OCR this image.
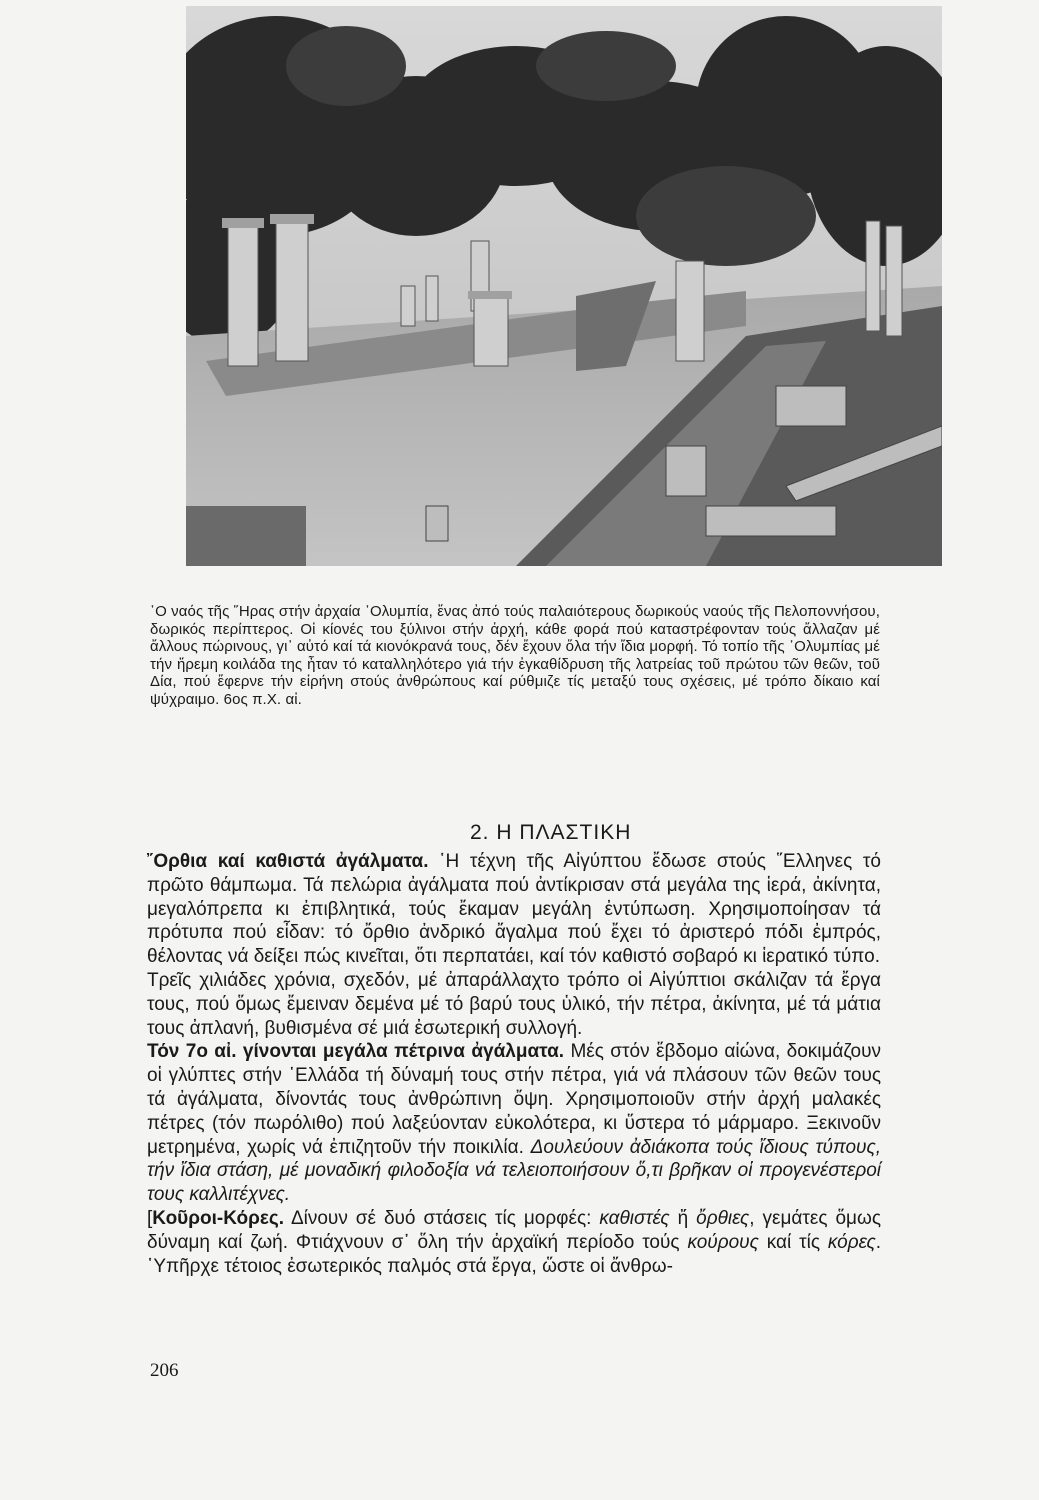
῾Ο ναός τῆς ῞Ηρας στήν ἀρχαία ᾽Ολυμπία, ἕνας ἀπό τούς παλαιότερους δωρικούς ναούς τῆς Πελοποννήσου, δωρικός περίπτερος. Οἱ κίονές του ξύλινοι στήν ἀρχή, κάθε φορά πού καταστρέφονταν τούς ἄλλαζαν μέ ἄλλους πώρινους, γι᾽ αὐτό καί τά κιονόκρανά τους, δέν ἔχουν ὅλα τήν ἴδια μορφή. Τό τοπίο τῆς ᾽Ολυμπίας μέ τήν ἤρεμη κοιλάδα της ἦταν τό καταλληλότερο γιά τήν ἐγκαθίδρυση τῆς λατρείας τοῦ πρώτου τῶν θεῶν, τοῦ Δία, πού ἔφερνε τήν εἰρήνη στούς ἀνθρώπους καί ρύθμιζε τίς μεταξύ τους σχέσεις, μέ τρόπο δίκαιο καί ψύχραιμο. 6ος π.Χ. αἰ.
2. Η ΠΛΑΣΤΙΚΗ

῎Ορθια καί καθιστά ἀγάλματα. ῾Η τέχνη τῆς Αἰγύπτου ἔδωσε στούς ῞Ελληνες τό πρῶτο θάμπωμα. Τά πελώρια ἀγάλματα πού ἀντίκρισαν στά μεγάλα της ἱερά, ἀκίνητα, μεγαλόπρεπα κι ἐπιβλητικά, τούς ἔκαμαν μεγάλη ἐντύπωση. Χρησιμοποίησαν τά πρότυπα πού εἶδαν: τό ὄρθιο ἀνδρικό ἄγαλμα πού ἔχει τό ἀριστερό πόδι ἐμπρός, θέλοντας νά δείξει πώς κινεῖται, ὅτι περπατάει, καί τόν καθιστό σοβαρό κι ἱερατικό τύπο.

Τρεῖς χιλιάδες χρόνια, σχεδόν, μέ ἀπαράλλαχτο τρόπο οἱ Αἰγύπτιοι σκάλιζαν τά ἔργα τους, πού ὅμως ἔμειναν δεμένα μέ τό βαρύ τους ὑλικό, τήν πέτρα, ἀκίνητα, μέ τά μάτια τους ἀπλανή, βυθισμένα σέ μιά ἐσωτερική συλλογή.

Τόν 7ο αἰ. γίνονται μεγάλα πέτρινα ἀγάλματα. Μές στόν ἕβδομο αἰώνα, δοκιμάζουν οἱ γλύπτες στήν ῾Ελλάδα τή δύναμή τους στήν πέτρα, γιά νά πλάσουν τῶν θεῶν τους τά ἀγάλματα, δίνοντάς τους ἀνθρώπινη ὄψη. Χρησιμοποιοῦν στήν ἀρχή μαλακές πέτρες (τόν πωρόλιθο) πού λαξεύονταν εὐκολότερα, κι ὕστερα τό μάρμαρο. Ξεκινοῦν μετρημένα, χωρίς νά ἐπιζητοῦν τήν ποικιλία. Δουλεύουν ἀδιάκοπα τούς ἴδιους τύπους, τήν ἴδια στάση, μέ μοναδική φιλοδοξία νά τελειοποιήσουν ὅ,τι βρῆκαν οἱ προγενέστεροί τους καλλιτέχνες.

[Κοῦροι-Κόρες. Δίνουν σέ δυό στάσεις τίς μορφές: καθιστές ἤ ὄρθιες, γεμάτες ὅμως δύναμη καί ζωή. Φτιάχνουν σ᾽ ὅλη τήν ἀρχαϊκή περίοδο τούς κούρους καί τίς κόρες. ῾Υπῆρχε τέτοιος ἐσωτερικός παλμός στά ἔργα, ὥστε οἱ ἄνθρω-

206
